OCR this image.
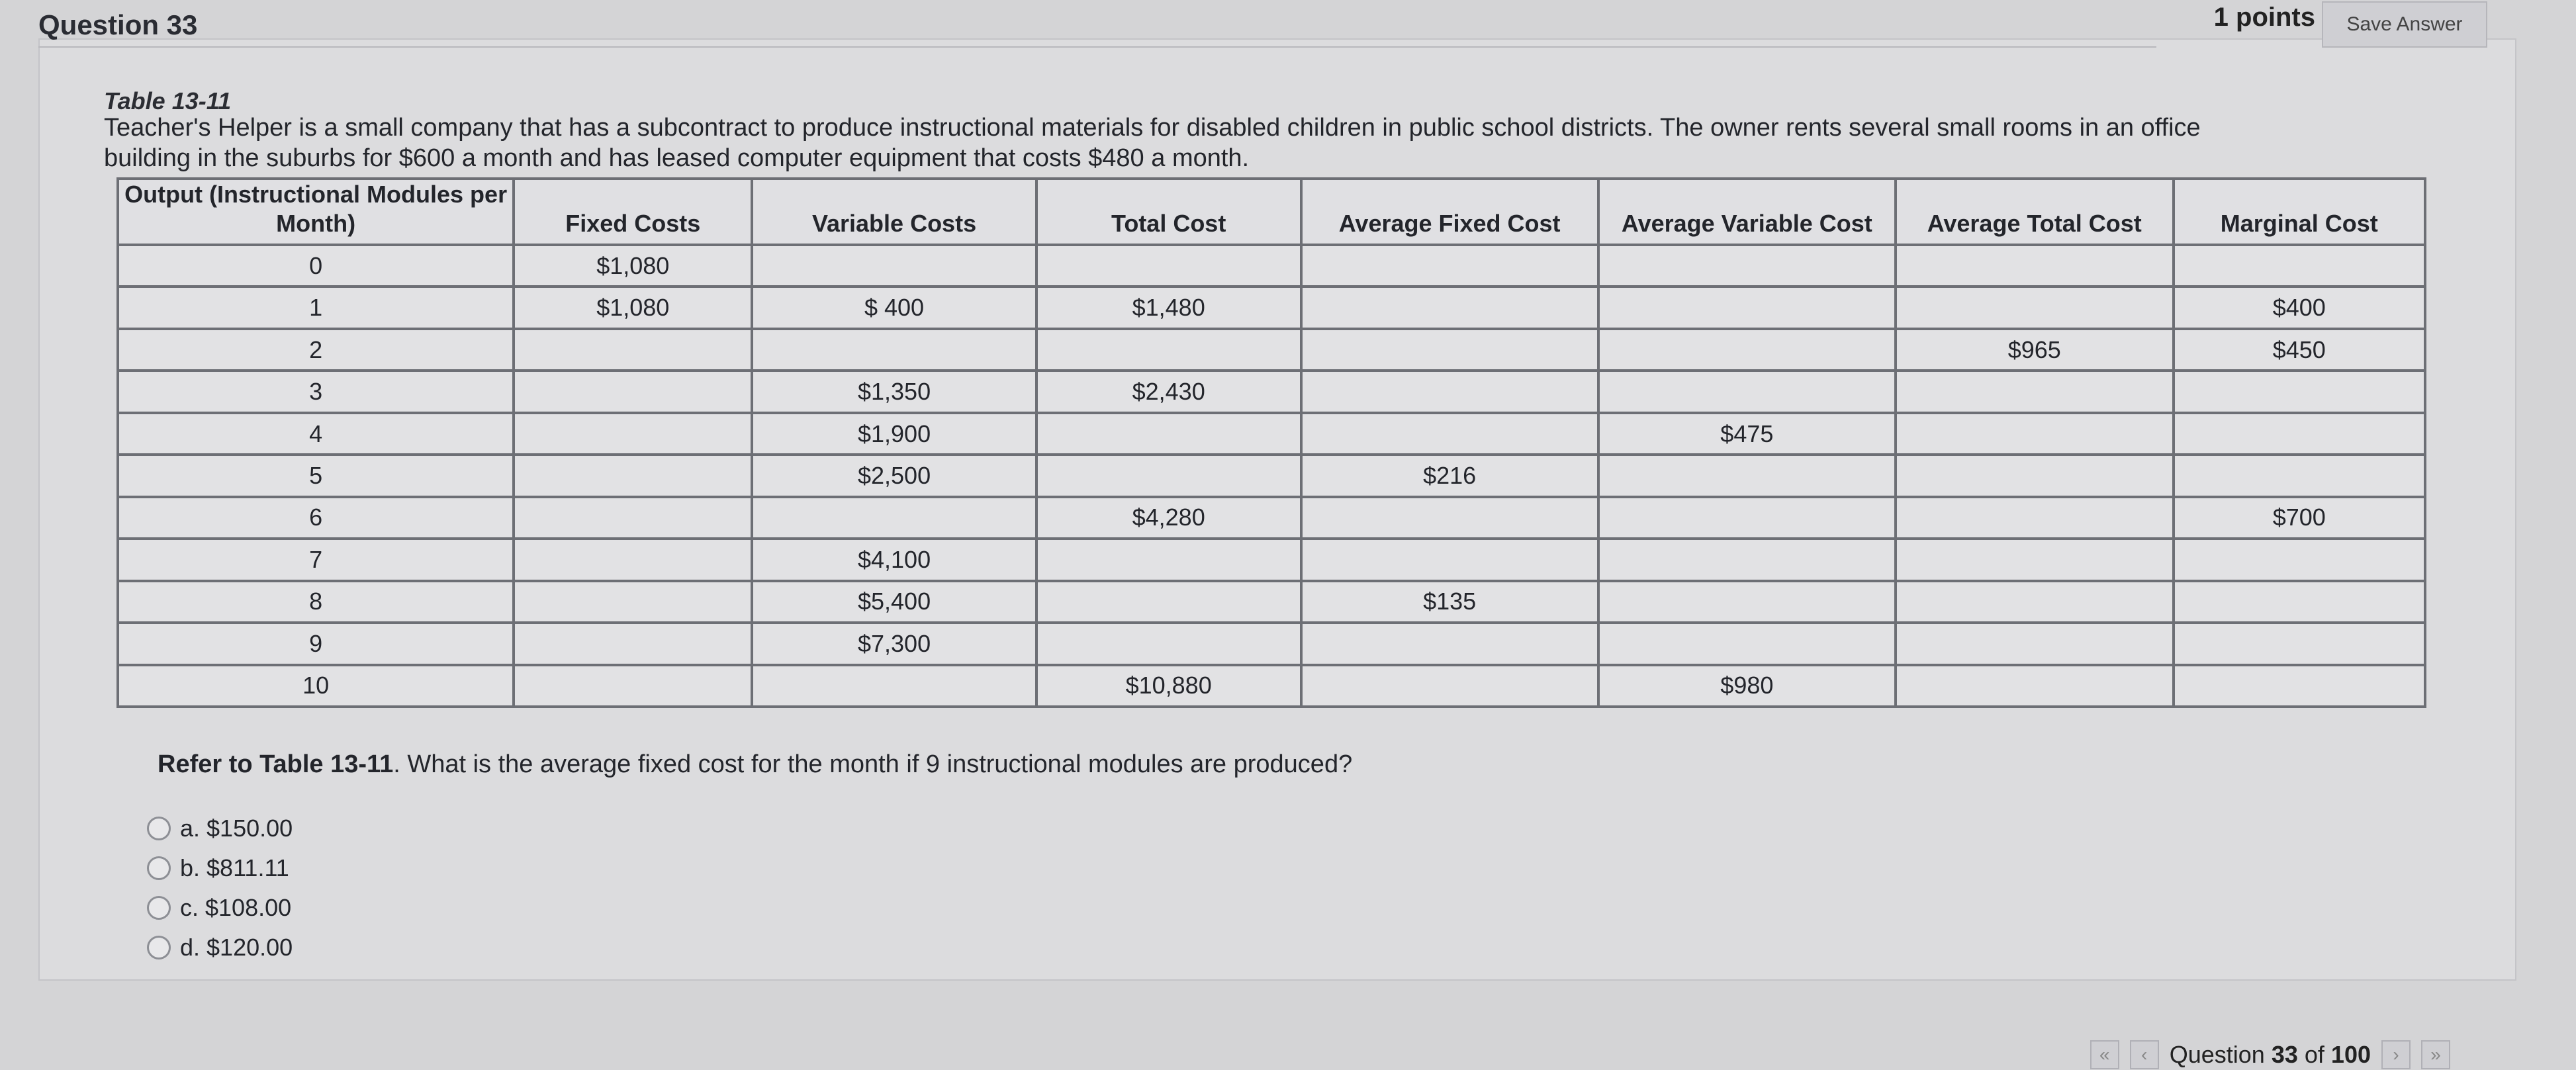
Question 33	1 points	Save Answer
Table 13-11
Teacher's Helper is a small company that has a subcontract to produce instructional materials for disabled children in public school districts. The owner rents several small rooms in an office
building in the suburbs for $600 a month and has leased computer equipment that costs $480 a month.
Output (Instructional Modules per Month)	Fixed Costs	Variable Costs	Total Cost	Average Fixed Cost	Average Variable Cost	Average Total Cost	Marginal Cost
0	$1,080						
1	$1,080	$ 400	$1,480				$400
2						$965	$450
3		$1,350	$2,430				
4		$1,900			$475		
5		$2,500		$216			
6			$4,280				$700
7		$4,100					
8		$5,400		$135			
9		$7,300					
10			$10,880		$980		
Refer to Table 13-11. What is the average fixed cost for the month if 9 instructional modules are produced?
a. $150.00
b. $811.11
c. $108.00
d. $120.00
«	‹ Question 33 of 100	›	»
